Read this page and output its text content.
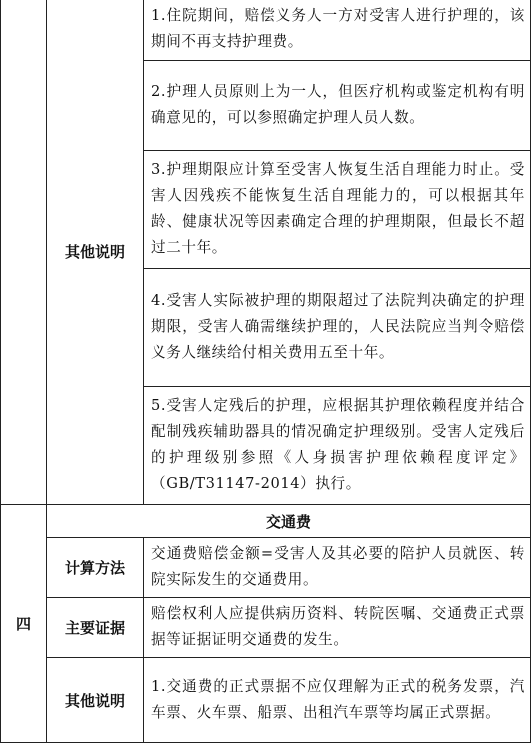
	其他说明	1.住院期间，赔偿义务人一方对受害人进行护理的，该期间不再支持护理费。
		2.护理人员原则上为一人，但医疗机构或鉴定机构有明确意见的，可以参照确定护理人员人数。
		3.护理期限应计算至受害人恢复生活自理能力时止。受害人因残疾不能恢复生活自理能力的，可以根据其年龄、健康状况等因素确定合理的护理期限，但最长不超过二十年。
		4.受害人实际被护理的期限超过了法院判决确定的护理期限，受害人确需继续护理的，人民法院应当判令赔偿义务人继续给付相关费用五至十年。
		5.受害人定残后的护理，应根据其护理依赖程度并结合配制残疾辅助器具的情况确定护理级别。受害人定残后的护理级别参照《人身损害护理依赖程度评定》（GB/T31147-2014）执行。
四	交通费	
	计算方法	交通费赔偿金额=受害人及其必要的陪护人员就医、转院实际发生的交通费用。
	主要证据	赔偿权利人应提供病历资料、转院医嘱、交通费正式票据等证据证明交通费的发生。
	其他说明	1.交通费的正式票据不应仅理解为正式的税务发票，汽车票、火车票、船票、出租汽车票等均属正式票据。
